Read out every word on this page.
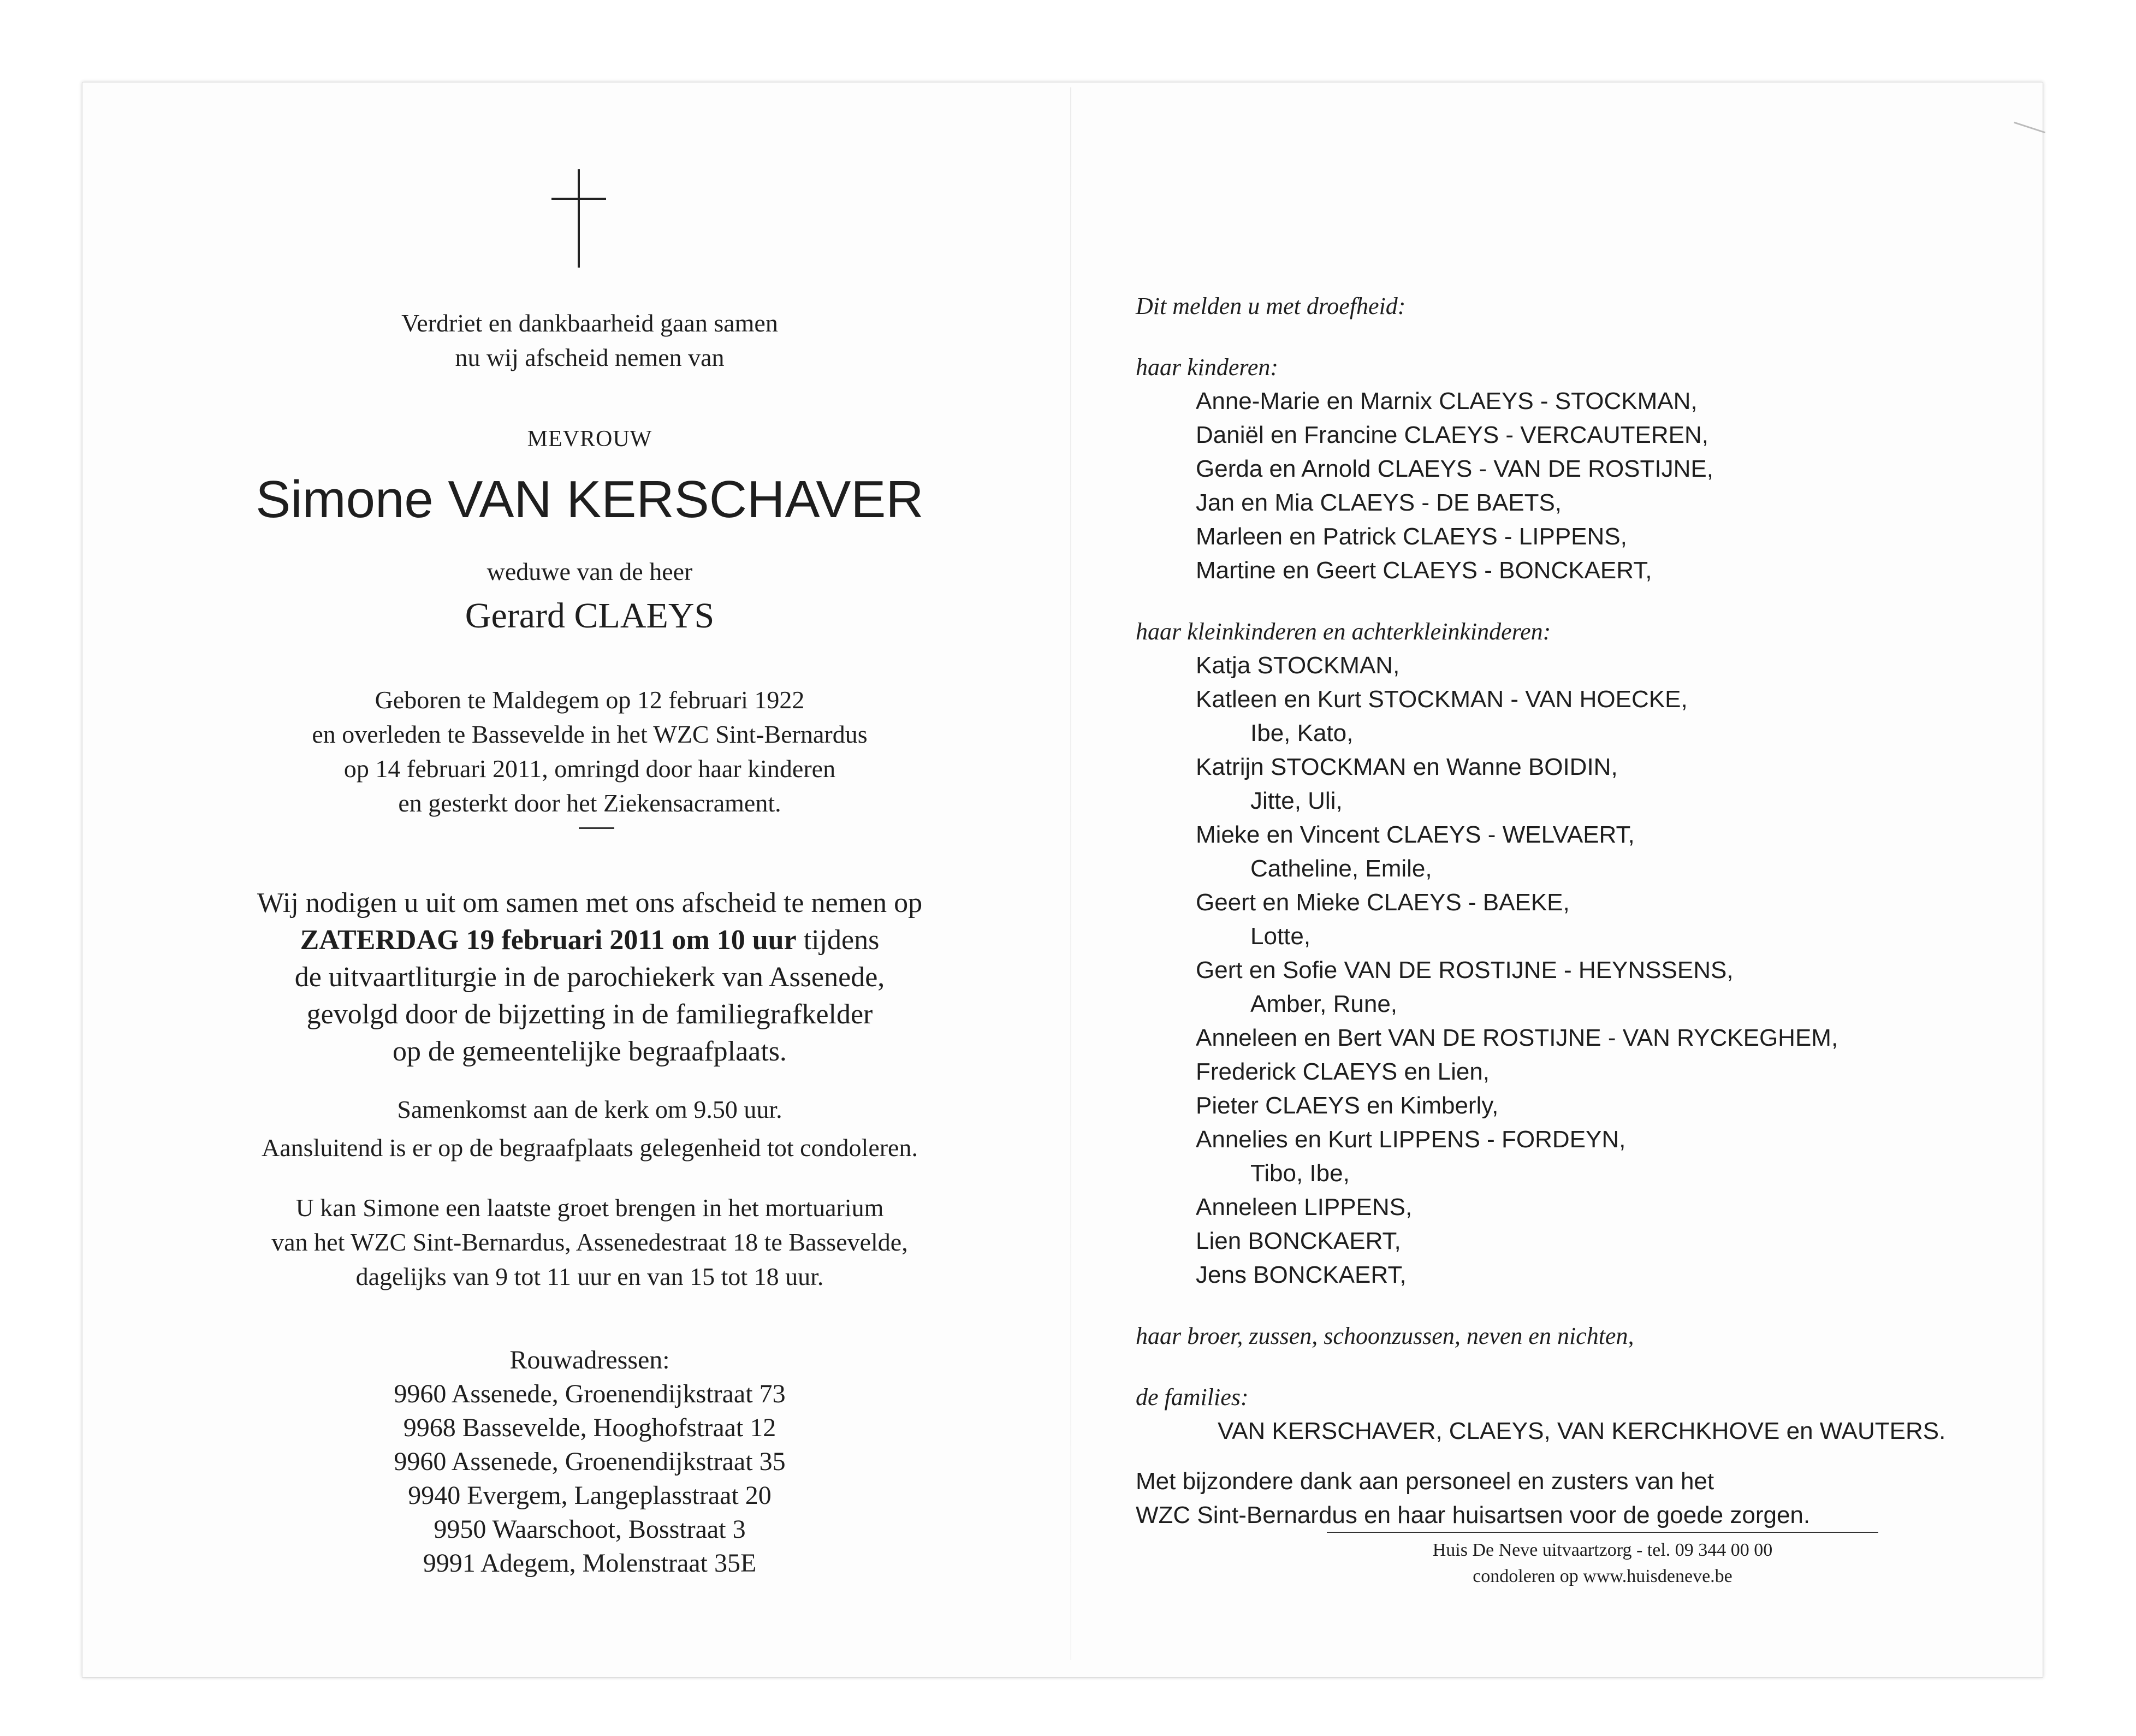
Verdriet en dankbaarheid gaan samen
nu wij afscheid nemen van
MEVROUW
Simone VAN KERSCHAVER
weduwe van de heer
Gerard CLAEYS
Geboren te Maldegem op 12 februari 1922
en overleden te Bassevelde in het WZC Sint-Bernardus
op 14 februari 2011, omringd door haar kinderen
en gesterkt door het Ziekensacrament.
Wij nodigen u uit om samen met ons afscheid te nemen op
ZATERDAG 19 februari 2011 om 10 uur tijdens
de uitvaartliturgie in de parochiekerk van Assenede,
gevolgd door de bijzetting in de familiegrafkelder
op de gemeentelijke begraafplaats.
Samenkomst aan de kerk om 9.50 uur.
Aansluitend is er op de begraafplaats gelegenheid tot condoleren.
U kan Simone een laatste groet brengen in het mortuarium
van het WZC Sint-Bernardus, Assenedestraat 18 te Bassevelde,
dagelijks van 9 tot 11 uur en van 15 tot 18 uur.
Rouwadressen:
9960 Assenede, Groenendijkstraat 73
9968 Bassevelde, Hooghofstraat 12
9960 Assenede, Groenendijkstraat 35
9940 Evergem, Langeplasstraat 20
9950 Waarschoot, Bosstraat 3
9991 Adegem, Molenstraat 35E
Dit melden u met droefheid:
haar kinderen:
Anne-Marie en Marnix CLAEYS - STOCKMAN,
Daniël en Francine CLAEYS - VERCAUTEREN,
Gerda en Arnold CLAEYS - VAN DE ROSTIJNE,
Jan en Mia CLAEYS - DE BAETS,
Marleen en Patrick CLAEYS - LIPPENS,
Martine en Geert CLAEYS - BONCKAERT,
haar kleinkinderen en achterkleinkinderen:
Katja STOCKMAN,
Katleen en Kurt STOCKMAN - VAN HOECKE,
Ibe, Kato,
Katrijn STOCKMAN en Wanne BOIDIN,
Jitte, Uli,
Mieke en Vincent CLAEYS - WELVAERT,
Catheline, Emile,
Geert en Mieke CLAEYS - BAEKE,
Lotte,
Gert en Sofie VAN DE ROSTIJNE - HEYNSSENS,
Amber, Rune,
Anneleen en Bert VAN DE ROSTIJNE - VAN RYCKEGHEM,
Frederick CLAEYS en Lien,
Pieter CLAEYS en Kimberly,
Annelies en Kurt LIPPENS - FORDEYN,
Tibo, Ibe,
Anneleen LIPPENS,
Lien BONCKAERT,
Jens BONCKAERT,
haar broer, zussen, schoonzussen, neven en nichten,
de families:
VAN KERSCHAVER, CLAEYS, VAN KERCHKHOVE en WAUTERS.
Met bijzondere dank aan personeel en zusters van het
WZC Sint-Bernardus en haar huisartsen voor de goede zorgen.
Huis De Neve uitvaartzorg - tel. 09 344 00 00
condoleren op www.huisdeneve.be
